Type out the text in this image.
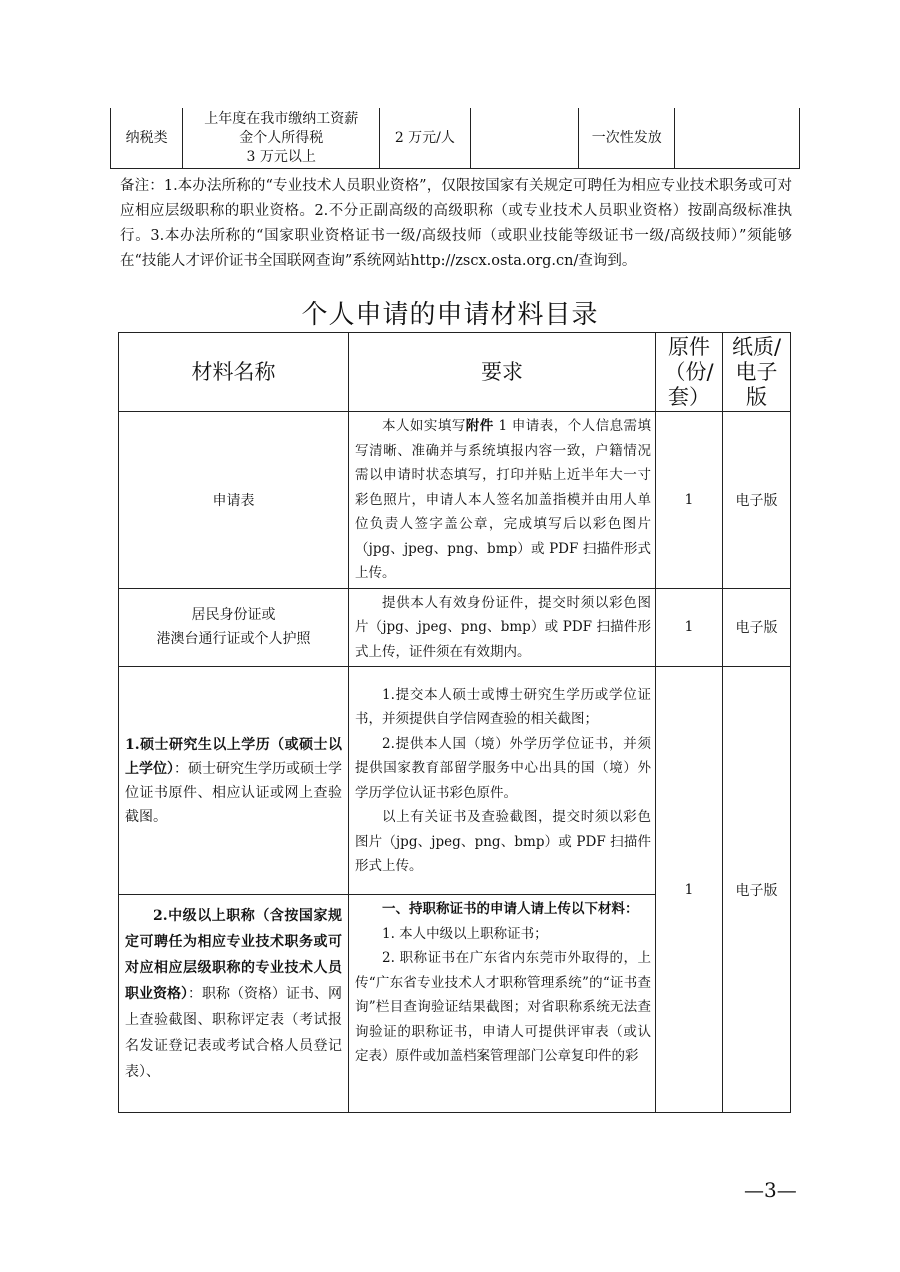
纳税类	
上年度在我市缴纳工资薪
金个人所得税
3 万元以上
	2 万元/人		一次性发放	
备注：1.本办法所称的“专业技术人员职业资格”，仅限按国家有关规定可聘任为相应专业技术职务或可对应相应层级职称的职业资格。2.不分正副高级的高级职称（或专业技术人员职业资格）按副高级标准执行。3.本办法所称的“国家职业资格证书一级/高级技师（或职业技能等级证书一级/高级技师）”须能够在“技能人才评价证书全国联网查询”系统网站http://zscx.osta.org.cn/查询到。
个人申请的申请材料目录
材料名称	要求	原件（份/套）	纸质/电子版
申请表	本人如实填写附件 1 申请表，个人信息需填写清晰、准确并与系统填报内容一致，户籍情况需以申请时状态填写，打印并贴上近半年大一寸彩色照片，申请人本人签名加盖指模并由用人单位负责人签字盖公章，完成填写后以彩色图片（jpg、jpeg、png、bmp）或 PDF 扫描件形式上传。	1	电子版

居民身份证或
港澳台通行证或个人护照	提供本人有效身份证件，提交时须以彩色图片（jpg、jpeg、png、bmp）或 PDF 扫描件形式上传，证件须在有效期内。	1	电子版
1.硕士研究生以上学历（或硕士以上学位）：硕士研究生学历或硕士学位证书原件、相应认证或网上查验截图。	1.提交本人硕士或博士研究生学历或学位证书，并须提供自学信网查验的相关截图；
2.提供本人国（境）外学历学位证书，并须提供国家教育部留学服务中心出具的国（境）外学历学位认证书彩色原件。
以上有关证书及查验截图，提交时须以彩色图片（jpg、jpeg、png、bmp）或 PDF 扫描件形式上传。	1	电子版

2.中级以上职称（含按国家规定可聘任为相应专业技术职务或可对应相应层级职称的专业技术人员职业资格）：职称（资格）证书、网上查验截图、职称评定表（考试报名发证登记表或考试合格人员登记表）、	一、持职称证书的申请人请上传以下材料：
1. 本人中级以上职称证书；
2. 职称证书在广东省内东莞市外取得的，上传“广东省专业技术人才职称管理系统”的“证书查询”栏目查询验证结果截图；对省职称系统无法查询验证的职称证书，申请人可提供评审表（或认定表）原件或加盖档案管理部门公章复印件的彩		
—3—
